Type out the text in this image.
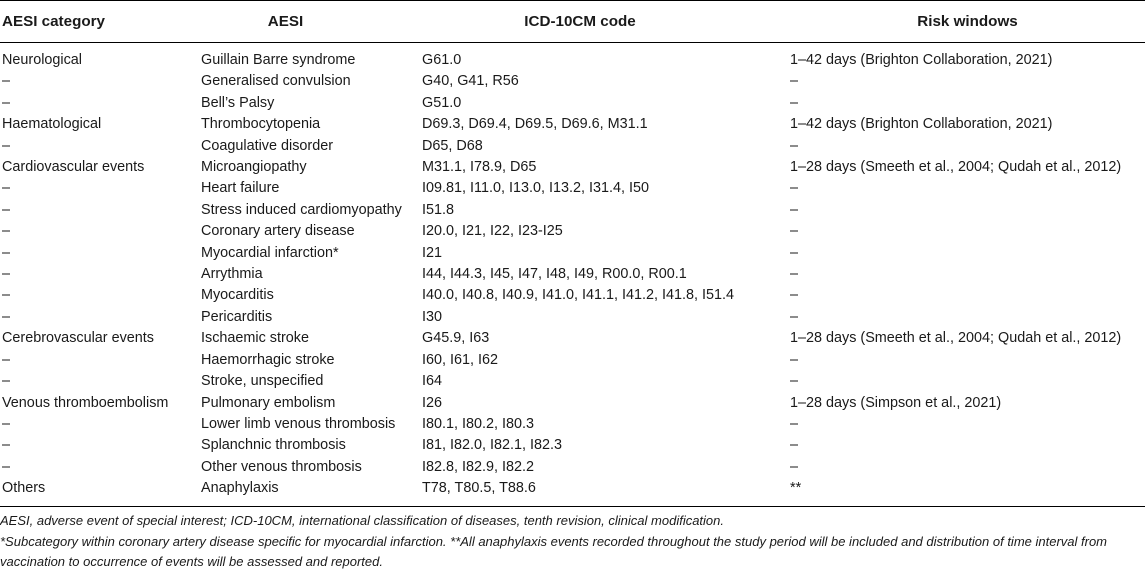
AESI category	AESI	ICD-10CM code	Risk windows
Neurological	Guillain Barre syndrome	G61.0	1–42 days (Brighton Collaboration, 2021)
–	Generalised convulsion	G40, G41, R56	–
–	Bell’s Palsy	G51.0	–
Haematological	Thrombocytopenia	D69.3, D69.4, D69.5, D69.6, M31.1	1–42 days (Brighton Collaboration, 2021)
–	Coagulative disorder	D65, D68	–
Cardiovascular events	Microangiopathy	M31.1, I78.9, D65	1–28 days (Smeeth et al., 2004; Qudah et al., 2012)
–	Heart failure	I09.81, I11.0, I13.0, I13.2, I31.4, I50	–
–	Stress induced cardiomyopathy	I51.8	–
–	Coronary artery disease	I20.0, I21, I22, I23-I25	–
–	Myocardial infarction*	I21	–
–	Arrythmia	I44, I44.3, I45, I47, I48, I49, R00.0, R00.1	–
–	Myocarditis	I40.0, I40.8, I40.9, I41.0, I41.1, I41.2, I41.8, I51.4	–
–	Pericarditis	I30	–
Cerebrovascular events	Ischaemic stroke	G45.9, I63	1–28 days (Smeeth et al., 2004; Qudah et al., 2012)
–	Haemorrhagic stroke	I60, I61, I62	–
–	Stroke, unspecified	I64	–
Venous thromboembolism	Pulmonary embolism	I26	1–28 days (Simpson et al., 2021)
–	Lower limb venous thrombosis	I80.1, I80.2, I80.3	–
–	Splanchnic thrombosis	I81, I82.0, I82.1, I82.3	–
–	Other venous thrombosis	I82.8, I82.9, I82.2	–
Others	Anaphylaxis	T78, T80.5, T88.6	**

AESI, adverse event of special interest; ICD-10CM, international classification of diseases, tenth revision, clinical modification.

*Subcategory within coronary artery disease specific for myocardial infarction. **All anaphylaxis events recorded throughout the study period will be included and distribution of time interval from vaccination to occurrence of events will be assessed and reported.
